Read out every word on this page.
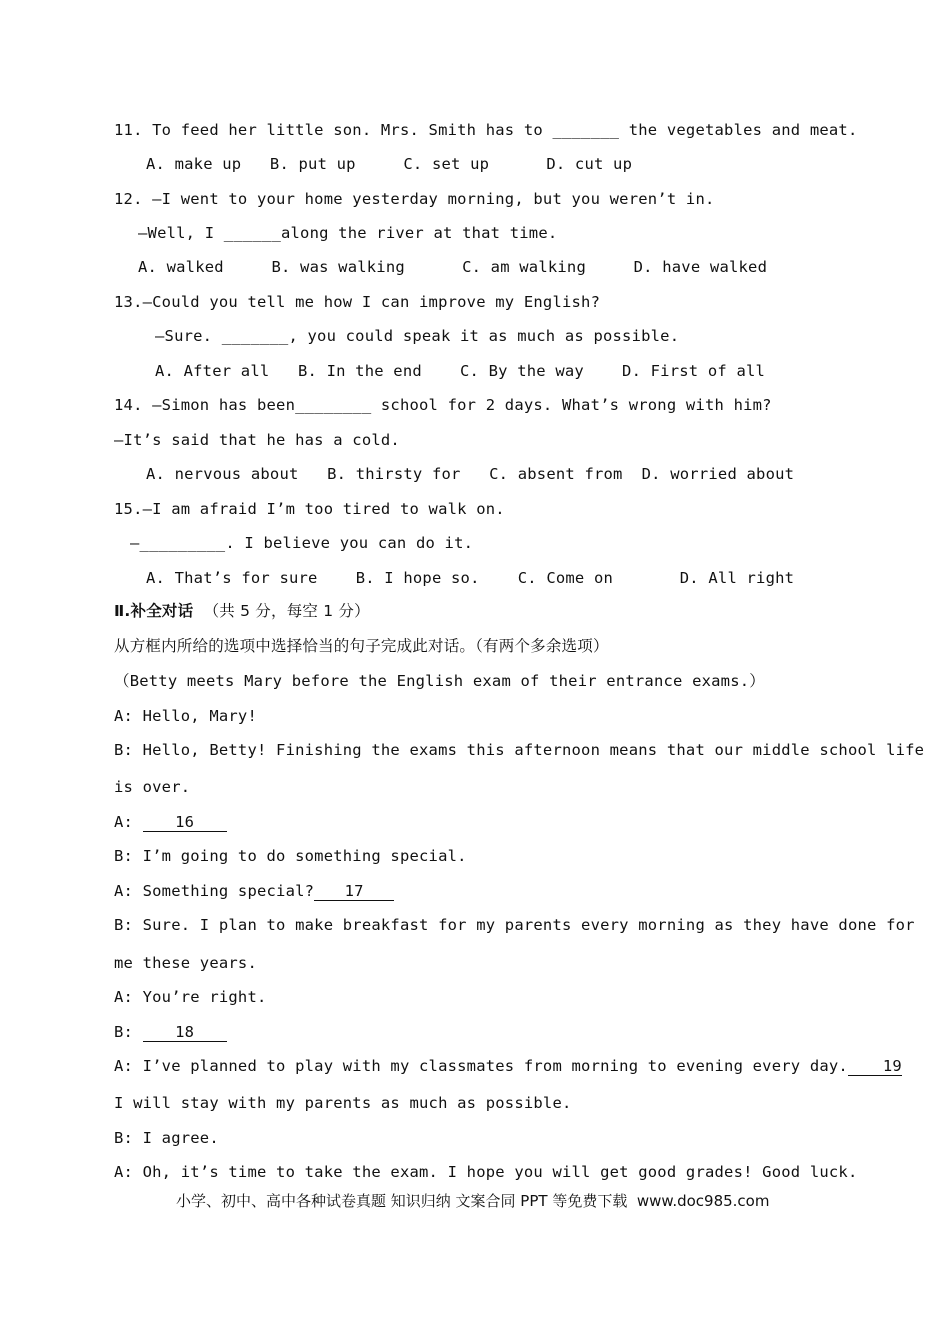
11. To feed her little son. Mrs. Smith has to _______ the vegetables and meat.
A. make up   B. put up     C. set up      D. cut up
12. —I went to your home yesterday morning, but you weren’t in.
—Well, I ______along the river at that time.
A. walked     B. was walking      C. am walking     D. have walked
13.—Could you tell me how I can improve my English?
—Sure. _______, you could speak it as much as possible.
A. After all   B. In the end    C. By the way    D. First of all
14. —Simon has been________ school for 2 days. What’s wrong with him?
—It’s said that he has a cold.
A. nervous about   B. thirsty for   C. absent from  D. worried about
15.—I am afraid I’m too tired to walk on.
—_________. I believe you can do it.
A. That’s for sure    B. I hope so.    C. Come on       D. All right
Ⅱ.补全对话 （共 5 分，每空 1 分）
从方框内所给的选项中选择恰当的句子完成此对话。（有两个多余选项）
（Betty meets Mary before the English exam of their entrance exams.）
A: Hello, Mary!
B: Hello, Betty! Finishing the exams this afternoon means that our middle school life
is over.
A: 16
B: I’m going to do something special.
A: Something special? 17
B: Sure. I plan to make breakfast for my parents every morning as they have done for
me these years.
A: You’re right.
B: 18
A: I’ve planned to play with my classmates from morning to evening every day. 19
I will stay with my parents as much as possible.
B: I agree.
A: Oh, it’s time to take the exam. I hope you will get good grades! Good luck.
小学、初中、高中各种试卷真题 知识归纳 文案合同 PPT 等免费下载 www.doc985.com
